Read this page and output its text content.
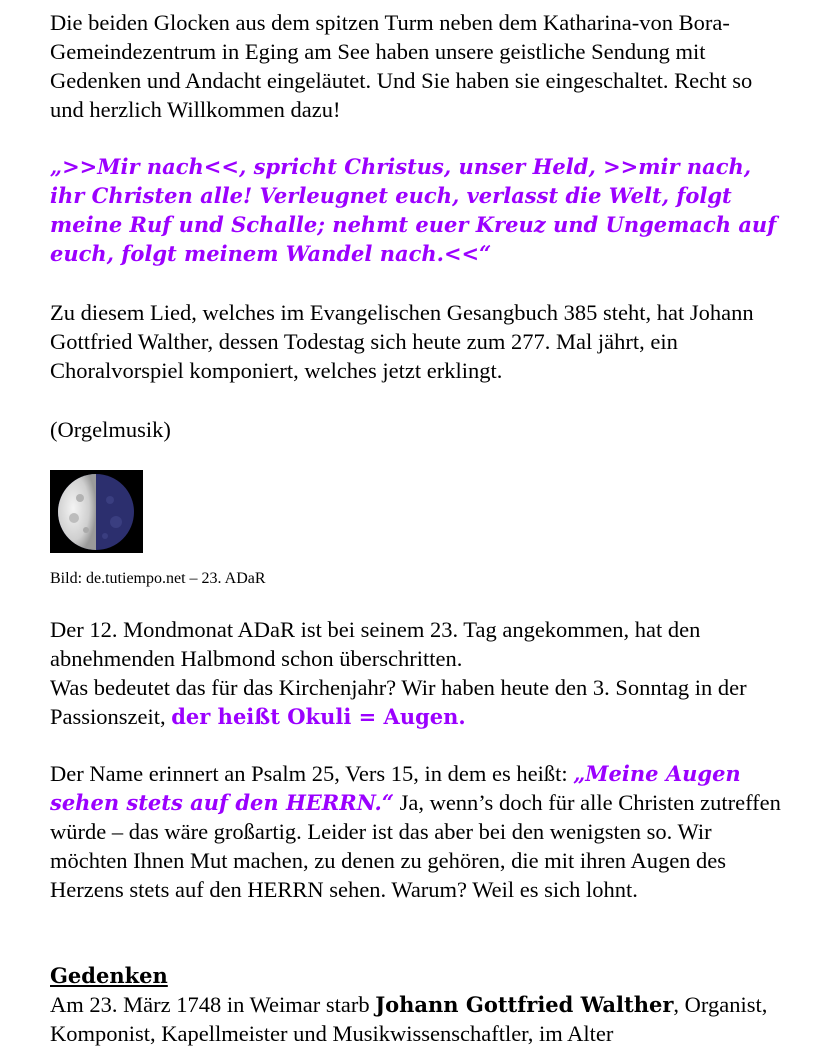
Die beiden Glocken aus dem spitzen Turm neben dem Katharina-von Bora-Gemeindezentrum in Eging am See haben unsere geistliche Sendung mit Gedenken und Andacht eingeläutet. Und Sie haben sie eingeschaltet. Recht so und herzlich Willkommen dazu!

„>>Mir nach<<, spricht Christus, unser Held, >>mir nach, ihr Christen alle! Verleugnet euch, verlasst die Welt, folgt meine Ruf und Schalle; nehmt euer Kreuz und Ungemach auf euch, folgt meinem Wandel nach.<<“

Zu diesem Lied, welches im Evangelischen Gesangbuch 385 steht, hat Johann Gottfried Walther, dessen Todestag sich heute zum 277. Mal jährt, ein Choralvorspiel komponiert, welches jetzt erklingt.

(Orgelmusik)

Bild: de.tutiempo.net – 23. ADaR

Der 12. Mondmonat ADaR ist bei seinem 23. Tag angekommen, hat den abnehmenden Halbmond schon überschritten.
Was bedeutet das für das Kirchenjahr? Wir haben heute den 3. Sonntag in der Passionszeit, der heißt Okuli = Augen.

Der Name erinnert an Psalm 25, Vers 15, in dem es heißt: „Meine Augen sehen stets auf den HERRN.“ Ja, wenn’s doch für alle Christen zutreffen würde – das wäre großartig. Leider ist das aber bei den wenigsten so. Wir möchten Ihnen Mut machen, zu denen zu gehören, die mit ihren Augen des Herzens stets auf den HERRN sehen. Warum? Weil es sich lohnt.

Gedenken

Am 23. März 1748 in Weimar starb Johann Gottfried Walther, Organist, Komponist, Kapellmeister und Musikwissenschaftler, im Alter
